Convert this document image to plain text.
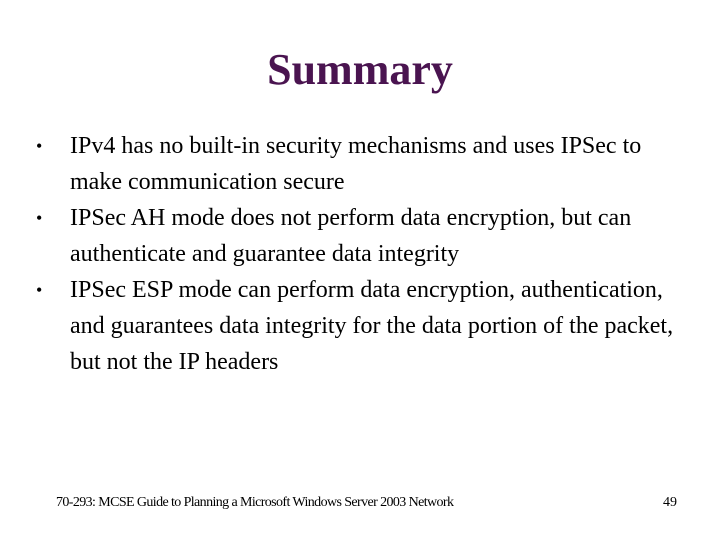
Summary
•	IPv4 has no built-in security mechanisms and uses IPSec to make communication secure
•	IPSec AH mode does not perform data encryption, but can authenticate and guarantee data integrity
•	IPSec ESP mode can perform data encryption, authentication, and guarantees data integrity for the data portion of the packet, but not the IP headers
70-293: MCSE Guide to Planning a Microsoft Windows Server 2003 Network	49
